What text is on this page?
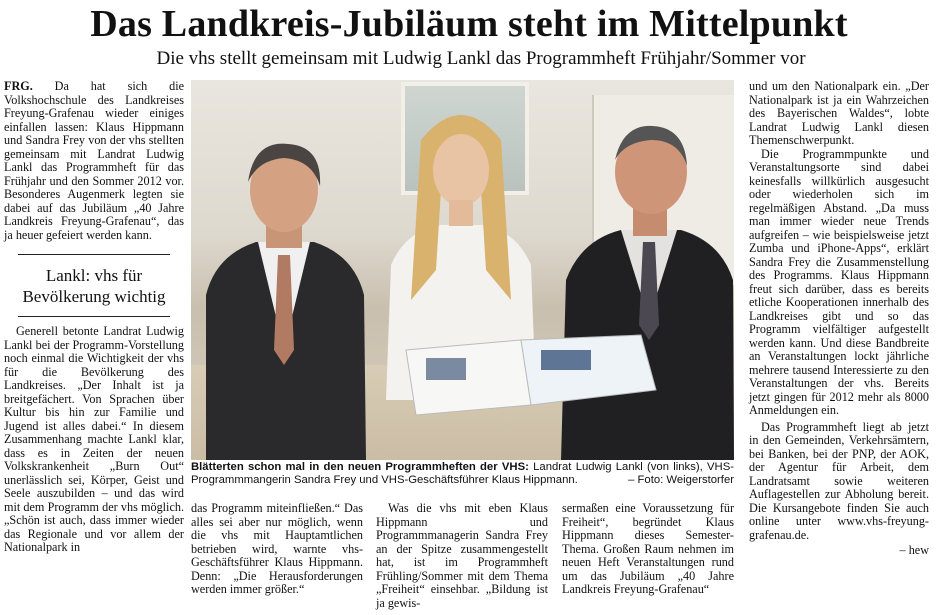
Das Landkreis-Jubiläum steht im Mittelpunkt
Die vhs stellt gemeinsam mit Ludwig Lankl das Programmheft Frühjahr/Sommer vor

FRG. Da hat sich die Volkshochschule des Landkreises Freyung-Grafenau wieder einiges einfallen lassen: Klaus Hippmann und Sandra Frey von der vhs stellten gemeinsam mit Landrat Ludwig Lankl das Programmheft für das Frühjahr und den Sommer 2012 vor. Besonderes Augenmerk legten sie dabei auf das Jubiläum „40 Jahre Landkreis Freyung-Grafenau“, das ja heuer gefeiert werden kann.

Lankl: vhs für Bevölkerung wichtig

Generell betonte Landrat Ludwig Lankl bei der Programm-Vorstellung noch einmal die Wichtigkeit der vhs für die Bevölkerung des Landkreises. „Der Inhalt ist ja breitgefächert. Von Sprachen über Kultur bis hin zur Familie und Jugend ist alles dabei.“ In diesem Zusammenhang machte Lankl klar, dass es in Zeiten der neuen Volkskrankenheit „Burn Out“ unerlässlich sei, Körper, Geist und Seele auszubilden – und das wird mit dem Programm der vhs möglich. „Schön ist auch, dass immer wieder das Regionale und vor allem der Nationalpark in

Blätterten schon mal in den neuen Programmheften der VHS: Landrat Ludwig Lankl (von links), VHS-Programmmangerin Sandra Frey und VHS-Geschäftsführer Klaus Hippmann.	– Foto: Weigerstorfer

das Programm miteinfließen.“ Das alles sei aber nur möglich, wenn die vhs mit Hauptamtlichen betrieben wird, warnte vhs-Geschäftsführer Klaus Hippmann. Denn: „Die Herausforderungen werden immer größer.“

Was die vhs mit eben Klaus Hippmann und Programmmanagerin Sandra Frey an der Spitze zusammengestellt hat, ist im Programmheft Frühling/Sommer mit dem Thema „Freiheit“ einsehbar. „Bildung ist ja gewis-

sermaßen eine Voraussetzung für Freiheit“, begründet Klaus Hippmann dieses Semester-Thema. Großen Raum nehmen im neuen Heft Veranstaltungen rund um das Jubiläum „40 Jahre Landkreis Freyung-Grafenau“

und um den Nationalpark ein. „Der Nationalpark ist ja ein Wahrzeichen des Bayerischen Waldes“, lobte Landrat Ludwig Lankl diesen Themenschwerpunkt.

Die Programmpunkte und Veranstaltungsorte sind dabei keinesfalls willkürlich ausgesucht oder wiederholen sich im regelmäßigen Abstand. „Da muss man immer wieder neue Trends aufgreifen – wie beispielsweise jetzt Zumba und iPhone-Apps“, erklärt Sandra Frey die Zusammenstellung des Programms. Klaus Hippmann freut sich darüber, dass es bereits etliche Kooperationen innerhalb des Landkreises gibt und so das Programm vielfältiger aufgestellt werden kann. Und diese Bandbreite an Veranstaltungen lockt jährliche mehrere tausend Interessierte zu den Veranstaltungen der vhs. Bereits jetzt gingen für 2012 mehr als 8000 Anmeldungen ein.

Das Programmheft liegt ab jetzt in den Gemeinden, Verkehrsämtern, bei Banken, bei der PNP, der AOK, der Agentur für Arbeit, dem Landratsamt sowie weiteren Auflagestellen zur Abholung bereit. Die Kursangebote finden Sie auch online unter www.vhs-freyung-grafenau.de.

– hew
